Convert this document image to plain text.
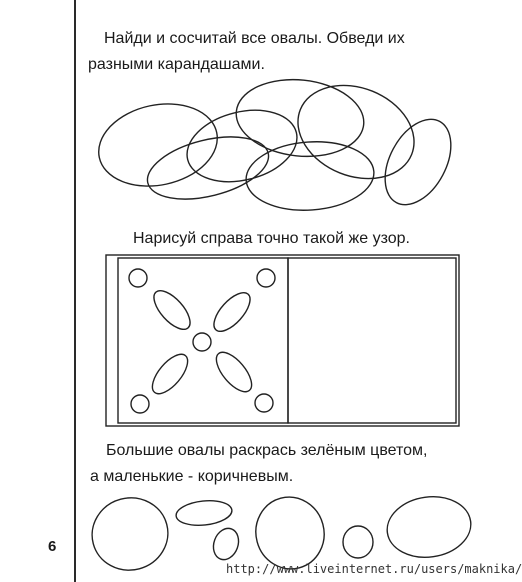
Найди и сосчитай все овалы. Обведи их
разными карандашами.

Нарисуй справа точно такой же узор.

Большие овалы раскрась зелёным цветом,
а маленькие - коричневым.

6
http://www.liveinternet.ru/users/maknika/
